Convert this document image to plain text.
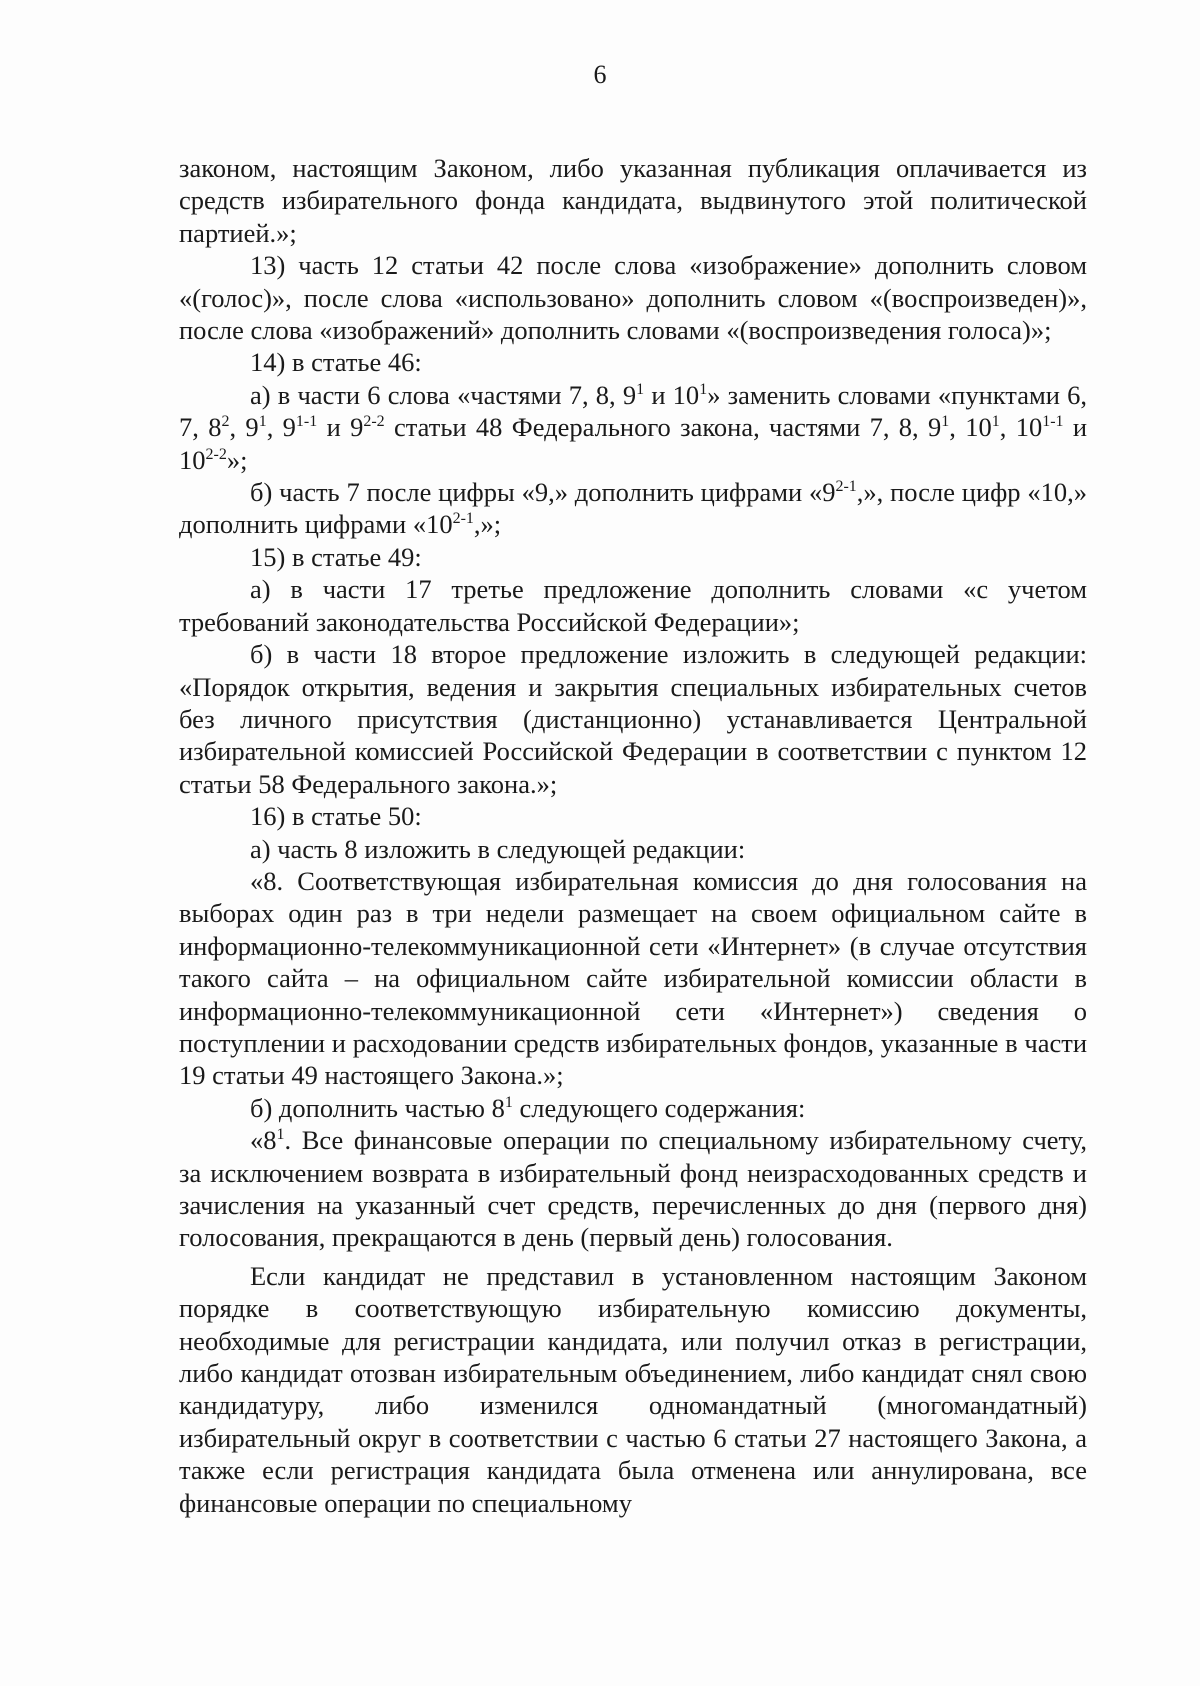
6

законом, настоящим Законом, либо указанная публикация оплачивается из средств избирательного фонда кандидата, выдвинутого этой политической партией.»;

13) часть 12 статьи 42 после слова «изображение» дополнить словом «(голос)», после слова «использовано» дополнить словом «(воспроизведен)», после слова «изображений» дополнить словами «(воспроизведения голоса)»;

14) в статье 46:

а) в части 6 слова «частями 7, 8, $9^1$ и $10^1$» заменить словами «пунктами 6, 7, $8^2$, $9^1$, 9$^{1-1}$ и 9$^{2-2}$ статьи 48 Федерального закона, частями 7, 8, $9^1$, $10^1$, 10$^{1-1}$ и 10$^{2-2}$»;

б) часть 7 после цифры «9,» дополнить цифрами «9$^{2-1}$,», после цифр «10,» дополнить цифрами «10$^{2-1}$,»;

15) в статье 49:

а) в части 17 третье предложение дополнить словами «с учетом требований законодательства Российской Федерации»;

б) в части 18 второе предложение изложить в следующей редакции: «Порядок открытия, ведения и закрытия специальных избирательных счетов без личного присутствия (дистанционно) устанавливается Центральной избирательной комиссией Российской Федерации в соответствии с пунктом 12 статьи 58 Федерального закона.»;

16) в статье 50:

а) часть 8 изложить в следующей редакции:

«8. Соответствующая избирательная комиссия до дня голосования на выборах один раз в три недели размещает на своем официальном сайте в информационно-телекоммуникационной сети «Интернет» (в случае отсутствия такого сайта – на официальном сайте избирательной комиссии области в информационно-телекоммуникационной сети «Интернет») сведения о поступлении и расходовании средств избирательных фондов, указанные в части 19 статьи 49 настоящего Закона.»;

б) дополнить частью $8^1$ следующего содержания:

«$8^1$. Все финансовые операции по специальному избирательному счету, за исключением возврата в избирательный фонд неизрасходованных средств и зачисления на указанный счет средств, перечисленных до дня (первого дня) голосования, прекращаются в день (первый день) голосования.

Если кандидат не представил в установленном настоящим Законом порядке в соответствующую избирательную комиссию документы, необходимые для регистрации кандидата, или получил отказ в регистрации, либо кандидат отозван избирательным объединением, либо кандидат снял свою кандидатуру, либо изменился одномандатный (многомандатный) избирательный округ в соответствии с частью 6 статьи 27 настоящего Закона, а также если регистрация кандидата была отменена или аннулирована, все финансовые операции по специальному
